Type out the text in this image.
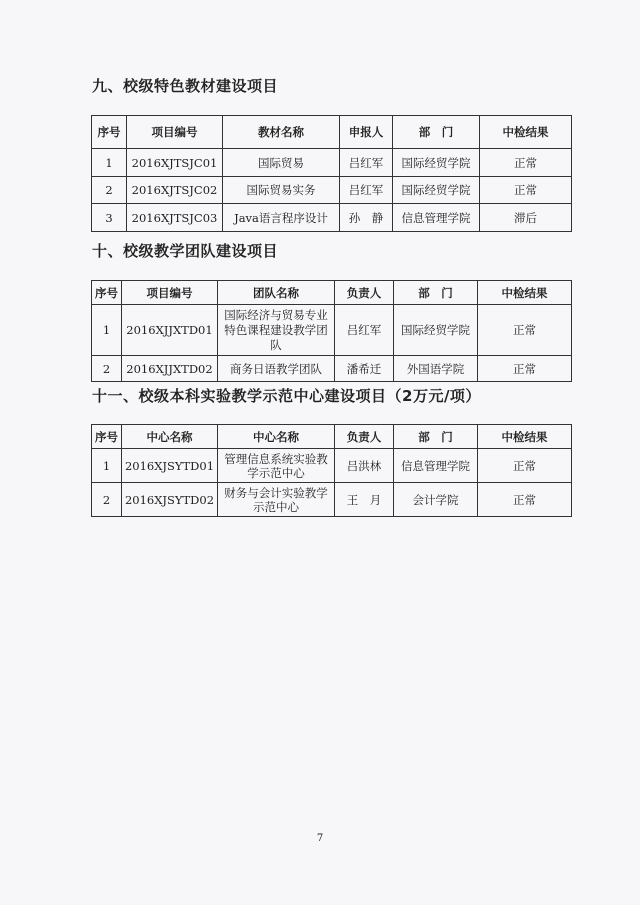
九、校级特色教材建设项目
序号	项目编号	教材名称	申报人	部　门	中检结果
1	2016XJTSJC01	国际贸易	吕红军	国际经贸学院	正常
2	2016XJTSJC02	国际贸易实务	吕红军	国际经贸学院	正常
3	2016XJTSJC03	Java语言程序设计	孙　静	信息管理学院	滞后
十、校级教学团队建设项目
序号	项目编号	团队名称	负责人	部　门	中检结果
1	2016XJJXTD01	国际经济与贸易专业特色课程建设教学团队	吕红军	国际经贸学院	正常
2	2016XJJXTD02	商务日语教学团队	潘希迁	外国语学院	正常
十一、校级本科实验教学示范中心建设项目（2万元/项）
序号	中心名称	中心名称	负责人	部　门	中检结果
1	2016XJSYTD01	管理信息系统实验教学示范中心	吕洪林	信息管理学院	正常
2	2016XJSYTD02	财务与会计实验教学示范中心	王　月	会计学院	正常
7
